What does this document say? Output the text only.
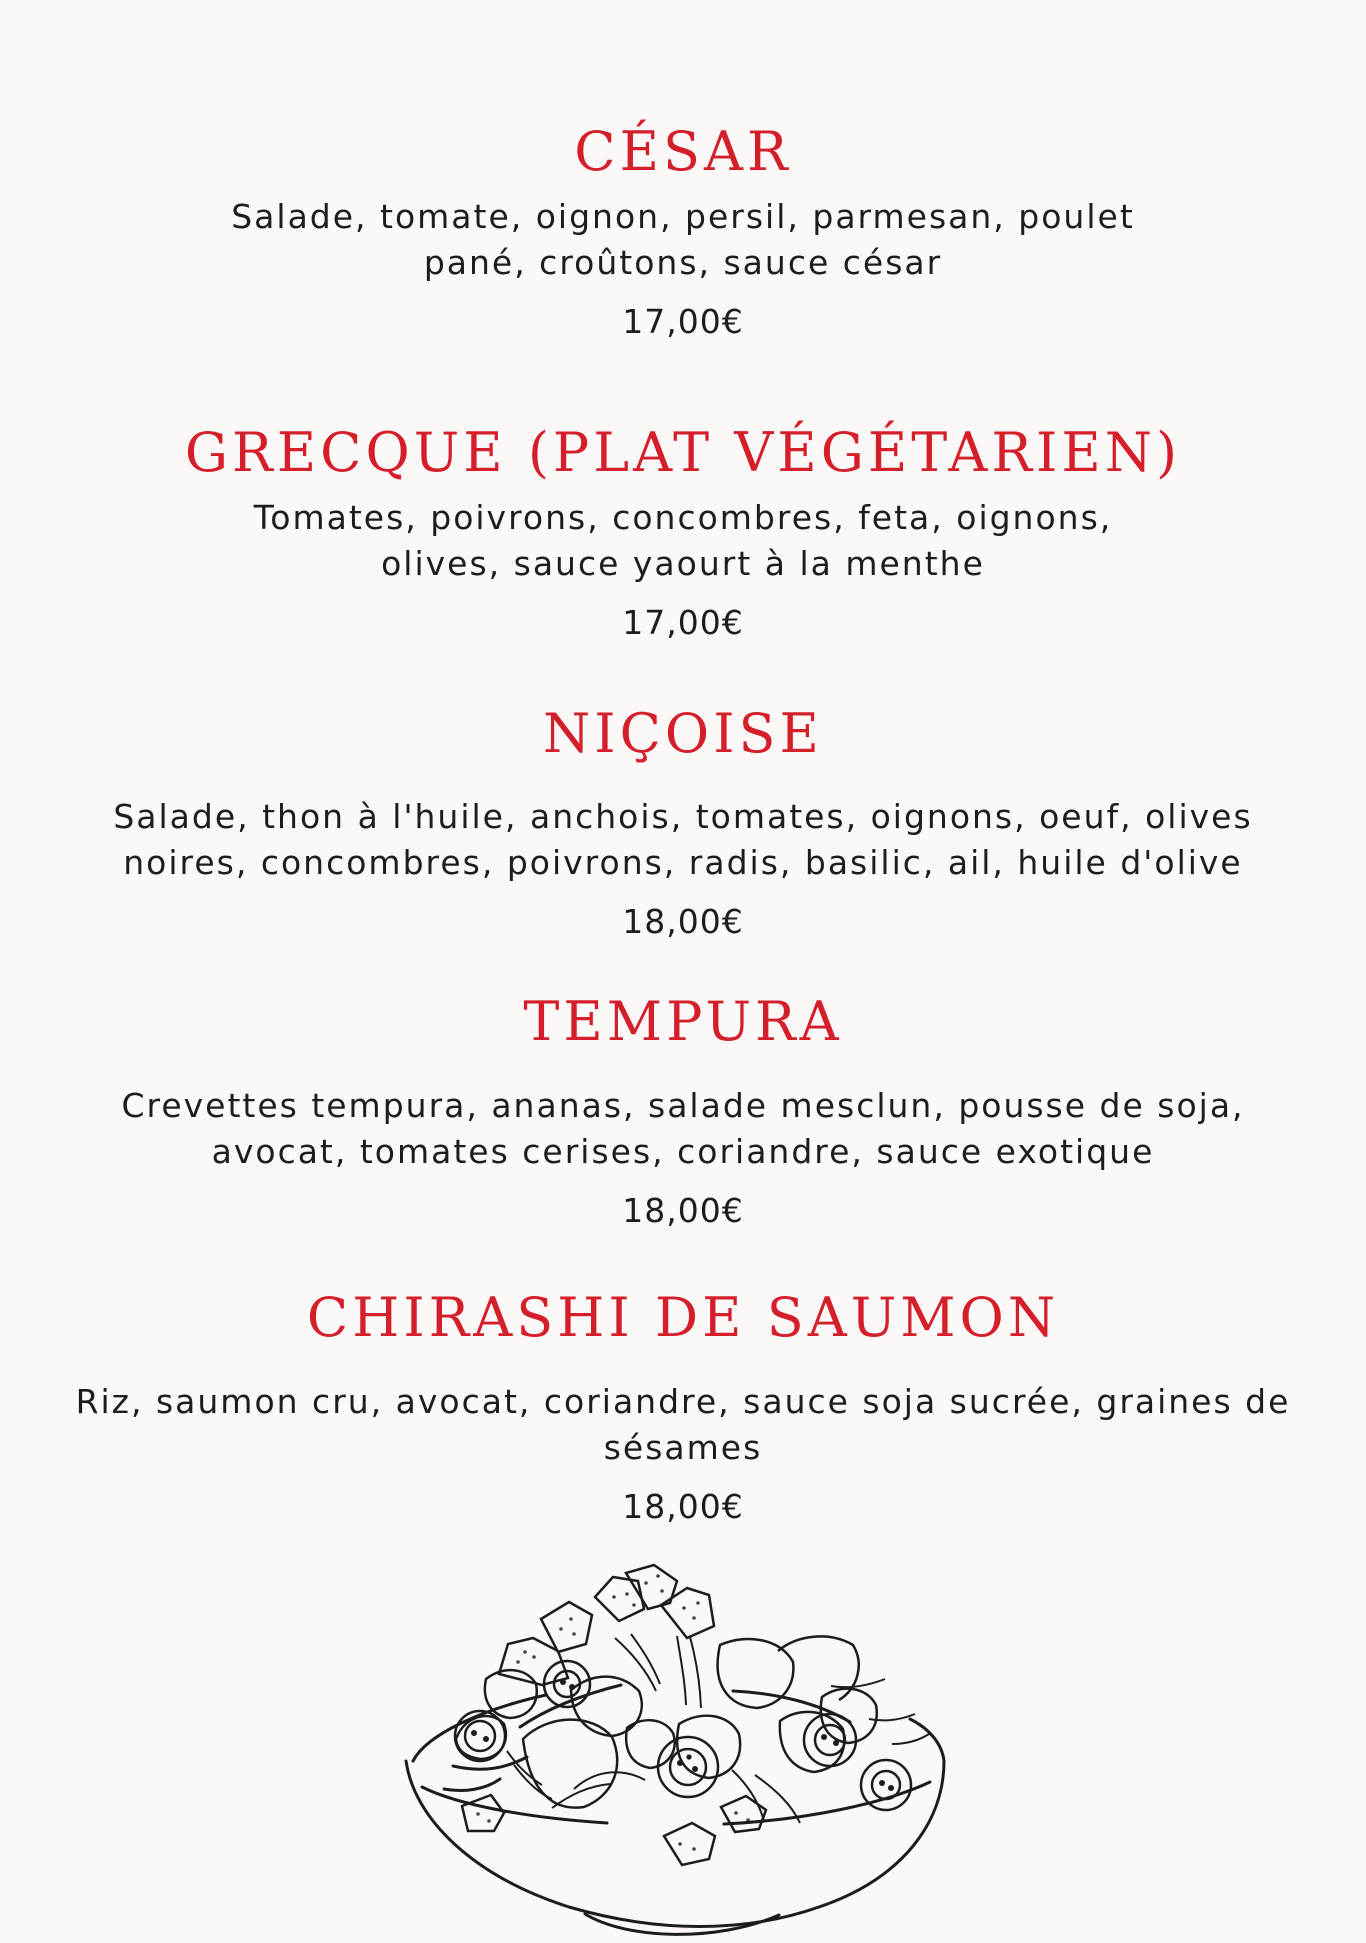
CÉSAR

Salade, tomate, oignon, persil, parmesan, poulet
pané, croûtons, sauce césar

17,00€

GRECQUE (PLAT VÉGÉTARIEN)

Tomates, poivrons, concombres, feta, oignons,
olives, sauce yaourt à la menthe

17,00€

NIÇOISE

Salade, thon à l'huile, anchois, tomates, oignons, oeuf, olives
noires, concombres, poivrons, radis, basilic, ail, huile d'olive

18,00€

TEMPURA

Crevettes tempura, ananas, salade mesclun, pousse de soja,
avocat, tomates cerises, coriandre, sauce exotique

18,00€

CHIRASHI DE SAUMON

Riz, saumon cru, avocat, coriandre, sauce soja sucrée, graines de
sésames

18,00€
